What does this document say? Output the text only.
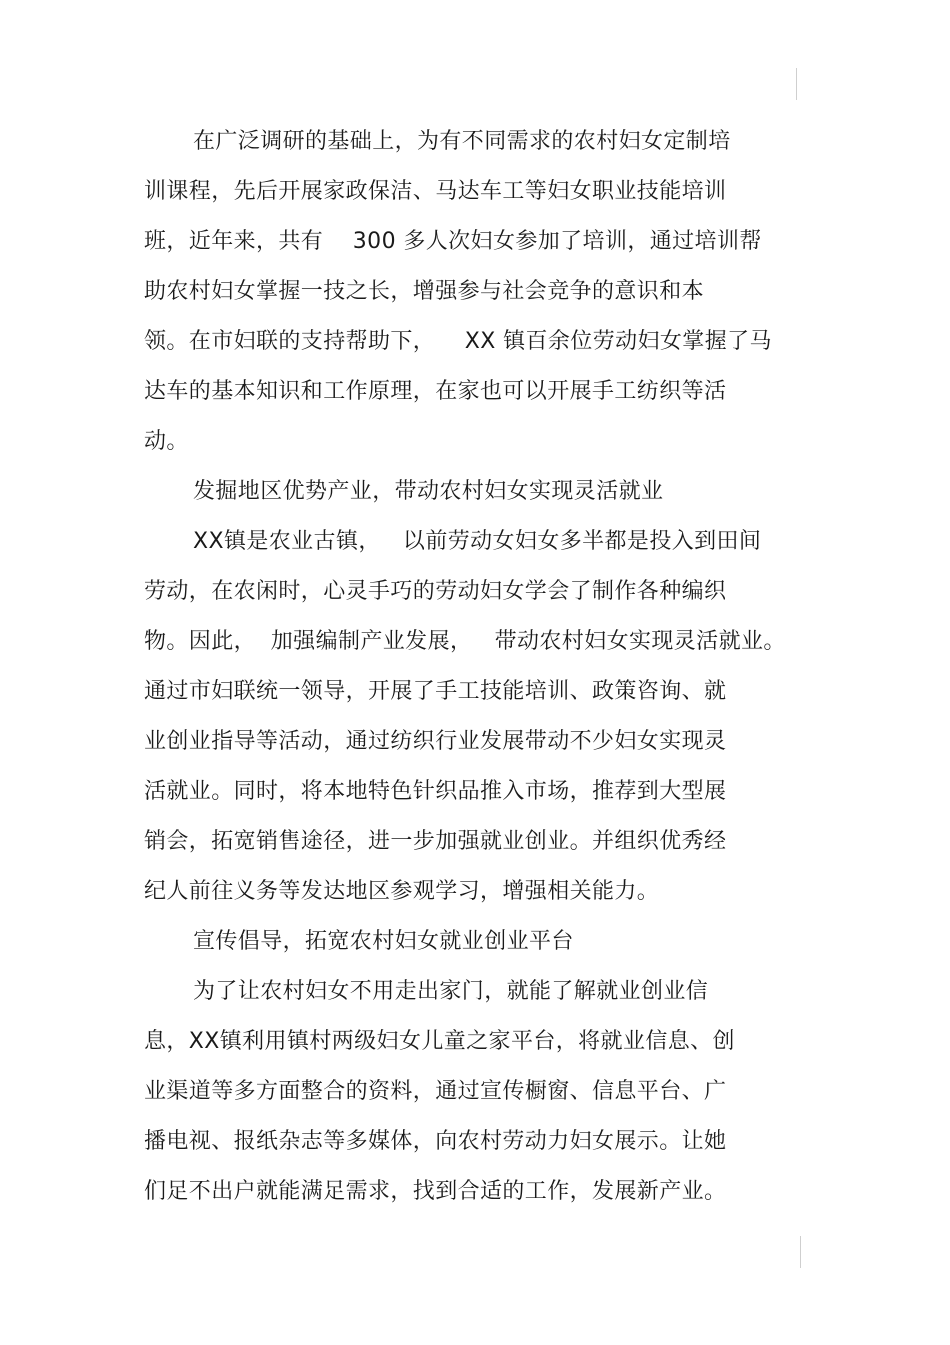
在广泛调研的基础上，为有不同需求的农村妇女定制培
训课程，先后开展家政保洁、马达车工等妇女职业技能培训
班，近年来，共有    300 多人次妇女参加了培训，通过培训帮
助农村妇女掌握一技之长，增强参与社会竞争的意识和本
领。在市妇联的支持帮助下，    XX 镇百余位劳动妇女掌握了马
达车的基本知识和工作原理，在家也可以开展手工纺织等活
动。
发掘地区优势产业，带动农村妇女实现灵活就业
XX镇是农业古镇，   以前劳动女妇女多半都是投入到田间
劳动，在农闲时，心灵手巧的劳动妇女学会了制作各种编织
物。因此，  加强编制产业发展，   带动农村妇女实现灵活就业。
通过市妇联统一领导，开展了手工技能培训、政策咨询、就
业创业指导等活动，通过纺织行业发展带动不少妇女实现灵
活就业。同时，将本地特色针织品推入市场，推荐到大型展
销会，拓宽销售途径，进一步加强就业创业。并组织优秀经
纪人前往义务等发达地区参观学习，增强相关能力。
宣传倡导，拓宽农村妇女就业创业平台
为了让农村妇女不用走出家门，就能了解就业创业信
息，XX镇利用镇村两级妇女儿童之家平台，将就业信息、创
业渠道等多方面整合的资料，通过宣传橱窗、信息平台、广
播电视、报纸杂志等多媒体，向农村劳动力妇女展示。让她
们足不出户就能满足需求，找到合适的工作，发展新产业。
